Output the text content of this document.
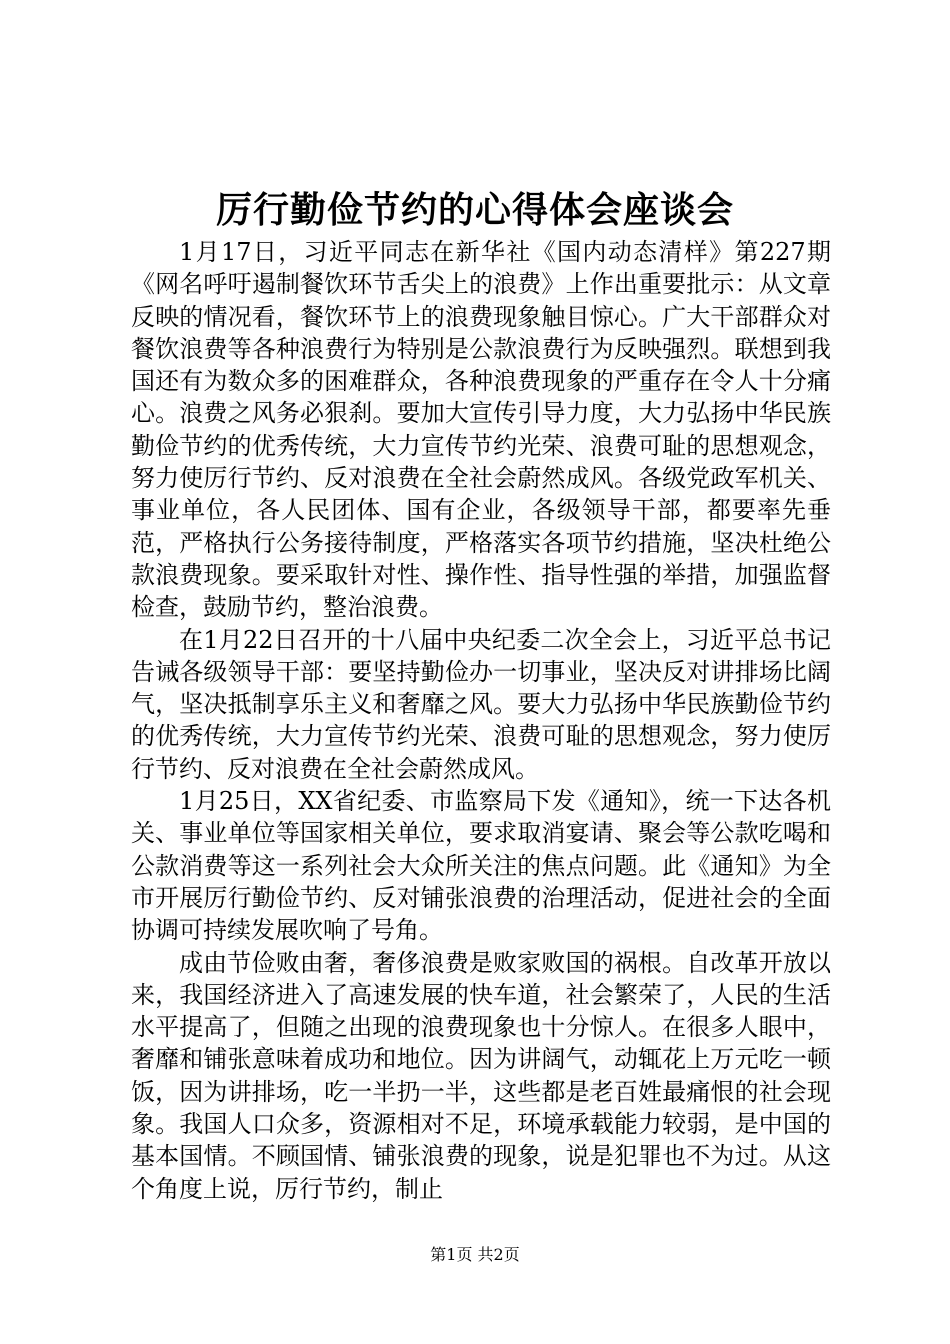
厉行勤俭节约的心得体会座谈会

1月17日，习近平同志在新华社《国内动态清样》第227期《网名呼吁遏制餐饮环节舌尖上的浪费》上作出重要批示：从文章反映的情况看，餐饮环节上的浪费现象触目惊心。广大干部群众对餐饮浪费等各种浪费行为特别是公款浪费行为反映强烈。联想到我国还有为数众多的困难群众，各种浪费现象的严重存在令人十分痛心。浪费之风务必狠刹。要加大宣传引导力度，大力弘扬中华民族勤俭节约的优秀传统，大力宣传节约光荣、浪费可耻的思想观念，努力使厉行节约、反对浪费在全社会蔚然成风。各级党政军机关、事业单位，各人民团体、国有企业，各级领导干部，都要率先垂范，严格执行公务接待制度，严格落实各项节约措施，坚决杜绝公款浪费现象。要采取针对性、操作性、指导性强的举措，加强监督检查，鼓励节约，整治浪费。

在1月22日召开的十八届中央纪委二次全会上，习近平总书记告诫各级领导干部：要坚持勤俭办一切事业，坚决反对讲排场比阔气，坚决抵制享乐主义和奢靡之风。要大力弘扬中华民族勤俭节约的优秀传统，大力宣传节约光荣、浪费可耻的思想观念，努力使厉行节约、反对浪费在全社会蔚然成风。

1月25日，XX省纪委、市监察局下发《通知》，统一下达各机关、事业单位等国家相关单位，要求取消宴请、聚会等公款吃喝和公款消费等这一系列社会大众所关注的焦点问题。此《通知》为全市开展厉行勤俭节约、反对铺张浪费的治理活动，促进社会的全面协调可持续发展吹响了号角。

成由节俭败由奢，奢侈浪费是败家败国的祸根。自改革开放以来，我国经济进入了高速发展的快车道，社会繁荣了，人民的生活水平提高了，但随之出现的浪费现象也十分惊人。在很多人眼中，奢靡和铺张意味着成功和地位。因为讲阔气，动辄花上万元吃一顿饭，因为讲排场，吃一半扔一半，这些都是老百姓最痛恨的社会现象。我国人口众多，资源相对不足，环境承载能力较弱，是中国的基本国情。不顾国情、铺张浪费的现象，说是犯罪也不为过。从这个角度上说，厉行节约，制止

第1页 共2页
